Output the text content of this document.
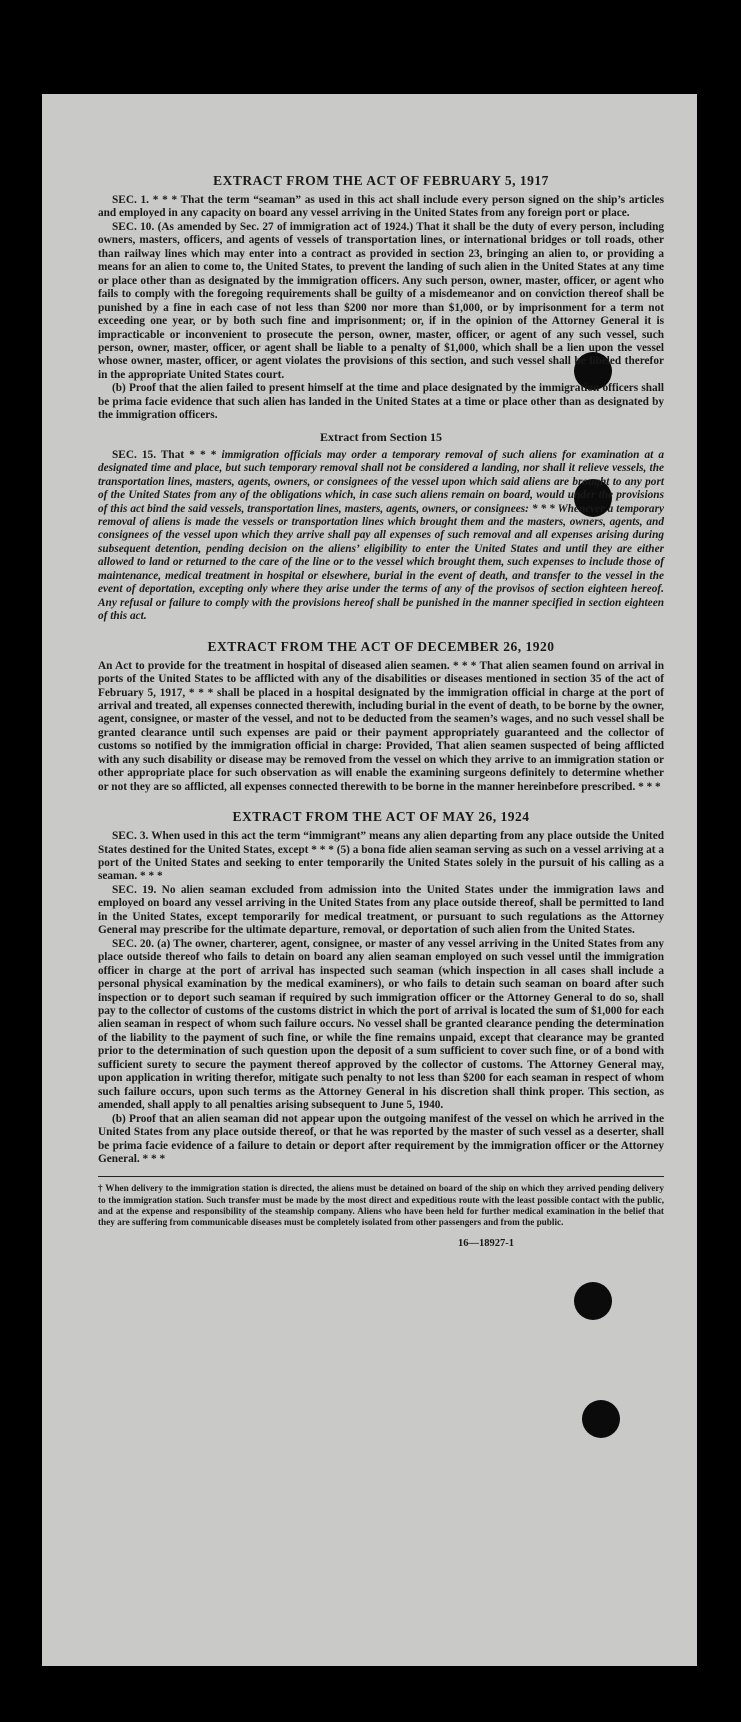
EXTRACT FROM THE ACT OF FEBRUARY 5, 1917

SEC. 1. * * * That the term “seaman” as used in this act shall include every person signed on the ship’s articles and employed in any capacity on board any vessel arriving in the United States from any foreign port or place.

SEC. 10. (As amended by Sec. 27 of immigration act of 1924.) That it shall be the duty of every person, including owners, masters, officers, and agents of vessels of transportation lines, or international bridges or toll roads, other than railway lines which may enter into a contract as provided in section 23, bringing an alien to, or providing a means for an alien to come to, the United States, to prevent the landing of such alien in the United States at any time or place other than as designated by the immigration officers. Any such person, owner, master, officer, or agent who fails to comply with the foregoing requirements shall be guilty of a misdemeanor and on conviction thereof shall be punished by a fine in each case of not less than $200 nor more than $1,000, or by imprisonment for a term not exceeding one year, or by both such fine and imprisonment; or, if in the opinion of the Attorney General it is impracticable or inconvenient to prosecute the person, owner, master, officer, or agent of any such vessel, such person, owner, master, officer, or agent shall be liable to a penalty of $1,000, which shall be a lien upon the vessel whose owner, master, officer, or agent violates the provisions of this section, and such vessel shall be libeled therefor in the appropriate United States court.

(b) Proof that the alien failed to present himself at the time and place designated by the immigration officers shall be prima facie evidence that such alien has landed in the United States at a time or place other than as designated by the immigration officers.

Extract from Section 15

SEC. 15. That * * * immigration officials may order a temporary removal of such aliens for examination at a designated time and place, but such temporary removal shall not be considered a landing, nor shall it relieve vessels, the transportation lines, masters, agents, owners, or consignees of the vessel upon which said aliens are brought to any port of the United States from any of the obligations which, in case such aliens remain on board, would under the provisions of this act bind the said vessels, transportation lines, masters, agents, owners, or consignees: * * * Whenever a temporary removal of aliens is made the vessels or transportation lines which brought them and the masters, owners, agents, and consignees of the vessel upon which they arrive shall pay all expenses of such removal and all expenses arising during subsequent detention, pending decision on the aliens’ eligibility to enter the United States and until they are either allowed to land or returned to the care of the line or to the vessel which brought them, such expenses to include those of maintenance, medical treatment in hospital or elsewhere, burial in the event of death, and transfer to the vessel in the event of deportation, excepting only where they arise under the terms of any of the provisos of section eighteen hereof. Any refusal or failure to comply with the provisions hereof shall be punished in the manner specified in section eighteen of this act.

EXTRACT FROM THE ACT OF DECEMBER 26, 1920

An Act to provide for the treatment in hospital of diseased alien seamen. * * * That alien seamen found on arrival in ports of the United States to be afflicted with any of the disabilities or diseases mentioned in section 35 of the act of February 5, 1917, * * * shall be placed in a hospital designated by the immigration official in charge at the port of arrival and treated, all expenses connected therewith, including burial in the event of death, to be borne by the owner, agent, consignee, or master of the vessel, and not to be deducted from the seamen’s wages, and no such vessel shall be granted clearance until such expenses are paid or their payment appropriately guaranteed and the collector of customs so notified by the immigration official in charge: Provided, That alien seamen suspected of being afflicted with any such disability or disease may be removed from the vessel on which they arrive to an immigration station or other appropriate place for such observation as will enable the examining surgeons definitely to determine whether or not they are so afflicted, all expenses connected therewith to be borne in the manner hereinbefore prescribed. * * *

EXTRACT FROM THE ACT OF MAY 26, 1924

SEC. 3. When used in this act the term “immigrant” means any alien departing from any place outside the United States destined for the United States, except * * * (5) a bona fide alien seaman serving as such on a vessel arriving at a port of the United States and seeking to enter temporarily the United States solely in the pursuit of his calling as a seaman. * * *

SEC. 19. No alien seaman excluded from admission into the United States under the immigration laws and employed on board any vessel arriving in the United States from any place outside thereof, shall be permitted to land in the United States, except temporarily for medical treatment, or pursuant to such regulations as the Attorney General may prescribe for the ultimate departure, removal, or deportation of such alien from the United States.

SEC. 20. (a) The owner, charterer, agent, consignee, or master of any vessel arriving in the United States from any place outside thereof who fails to detain on board any alien seaman employed on such vessel until the immigration officer in charge at the port of arrival has inspected such seaman (which inspection in all cases shall include a personal physical examination by the medical examiners), or who fails to detain such seaman on board after such inspection or to deport such seaman if required by such immigration officer or the Attorney General to do so, shall pay to the collector of customs of the customs district in which the port of arrival is located the sum of $1,000 for each alien seaman in respect of whom such failure occurs. No vessel shall be granted clearance pending the determination of the liability to the payment of such fine, or while the fine remains unpaid, except that clearance may be granted prior to the determination of such question upon the deposit of a sum sufficient to cover such fine, or of a bond with sufficient surety to secure the payment thereof approved by the collector of customs. The Attorney General may, upon application in writing therefor, mitigate such penalty to not less than $200 for each seaman in respect of whom such failure occurs, upon such terms as the Attorney General in his discretion shall think proper. This section, as amended, shall apply to all penalties arising subsequent to June 5, 1940.

(b) Proof that an alien seaman did not appear upon the outgoing manifest of the vessel on which he arrived in the United States from any place outside thereof, or that he was reported by the master of such vessel as a deserter, shall be prima facie evidence of a failure to detain or deport after requirement by the immigration officer or the Attorney General. * * *

† When delivery to the immigration station is directed, the aliens must be detained on board of the ship on which they arrived pending delivery to the immigration station. Such transfer must be made by the most direct and expeditious route with the least possible contact with the public, and at the expense and responsibility of the steamship company. Aliens who have been held for further medical examination in the belief that they are suffering from communicable diseases must be completely isolated from other passengers and from the public.

16—18927-1
